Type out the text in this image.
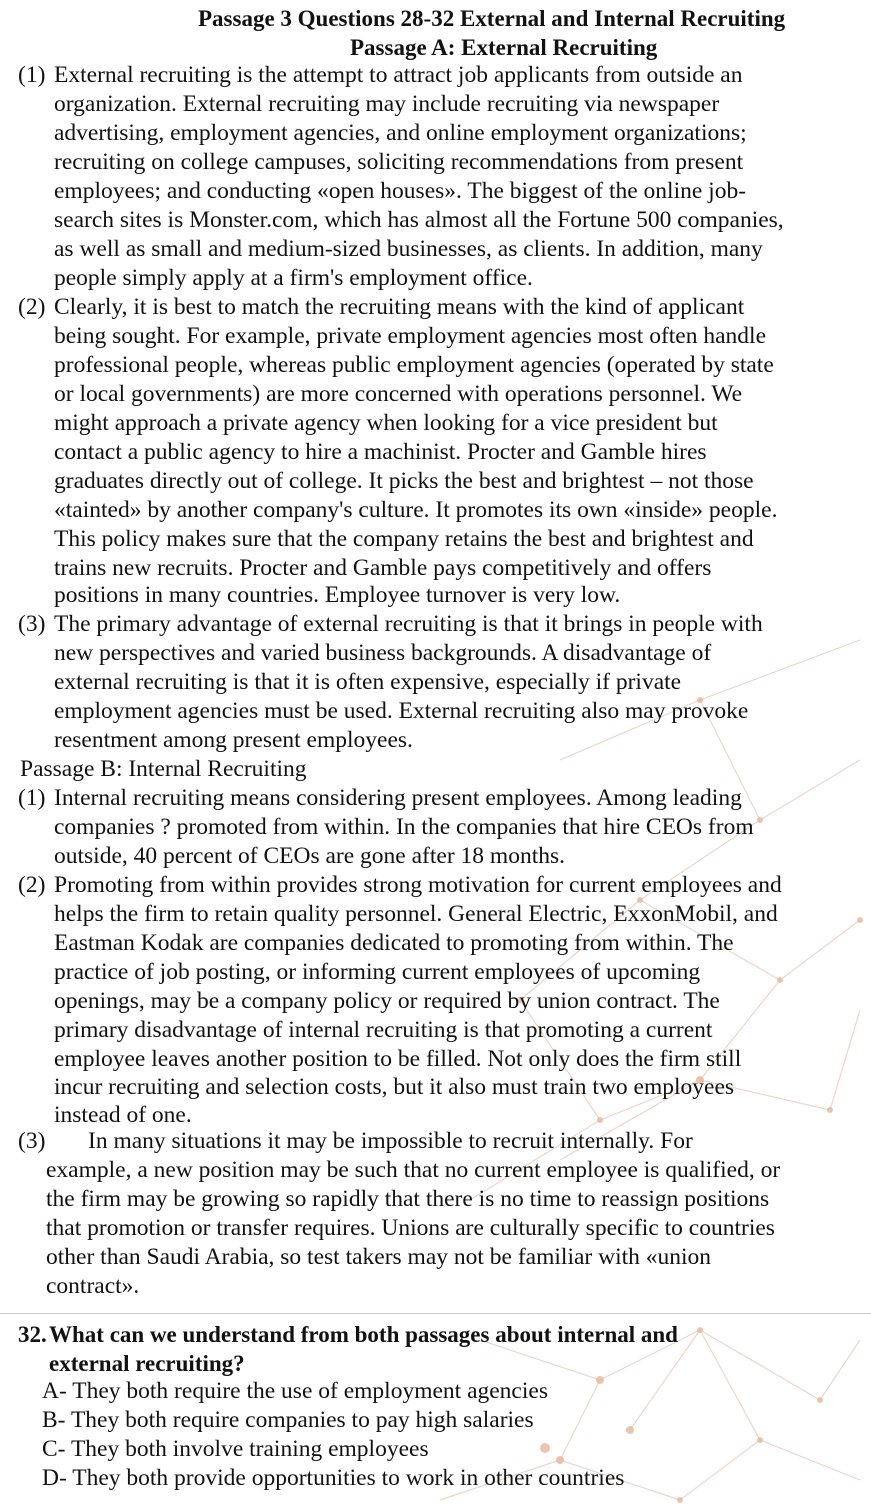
Passage 3 Questions 28-32 External and Internal Recruiting
Passage A: External Recruiting
(1) External recruiting is the attempt to attract job applicants from outside an
organization. External recruiting may include recruiting via newspaper
advertising, employment agencies, and online employment organizations;
recruiting on college campuses, soliciting recommendations from present
employees; and conducting «open houses». The biggest of the online job-
search sites is Monster.com, which has almost all the Fortune 500 companies,
as well as small and medium-sized businesses, as clients. In addition, many
people simply apply at a firm's employment office.
(2) Clearly, it is best to match the recruiting means with the kind of applicant
being sought. For example, private employment agencies most often handle
professional people, whereas public employment agencies (operated by state
or local governments) are more concerned with operations personnel. We
might approach a private agency when looking for a vice president but
contact a public agency to hire a machinist. Procter and Gamble hires
graduates directly out of college. It picks the best and brightest – not those
«tainted» by another company's culture. It promotes its own «inside» people.
This policy makes sure that the company retains the best and brightest and
trains new recruits. Procter and Gamble pays competitively and offers
positions in many countries. Employee turnover is very low.
(3) The primary advantage of external recruiting is that it brings in people with
new perspectives and varied business backgrounds. A disadvantage of
external recruiting is that it is often expensive, especially if private
employment agencies must be used. External recruiting also may provoke
resentment among present employees.
Passage B: Internal Recruiting
(1) Internal recruiting means considering present employees. Among leading
companies ? promoted from within. In the companies that hire CEOs from
outside, 40 percent of CEOs are gone after 18 months.
(2) Promoting from within provides strong motivation for current employees and
helps the firm to retain quality personnel. General Electric, ExxonMobil, and
Eastman Kodak are companies dedicated to promoting from within. The
practice of job posting, or informing current employees of upcoming
openings, may be a company policy or required by union contract. The
primary disadvantage of internal recruiting is that promoting a current
employee leaves another position to be filled. Not only does the firm still
incur recruiting and selection costs, but it also must train two employees
instead of one.
(3) In many situations it may be impossible to recruit internally. For
example, a new position may be such that no current employee is qualified, or
the firm may be growing so rapidly that there is no time to reassign positions
that promotion or transfer requires. Unions are culturally specific to countries
other than Saudi Arabia, so test takers may not be familiar with «union
contract».
32. What can we understand from both passages about internal and
external recruiting?
A- They both require the use of employment agencies
B- They both require companies to pay high salaries
C- They both involve training employees
D- They both provide opportunities to work in other countries
